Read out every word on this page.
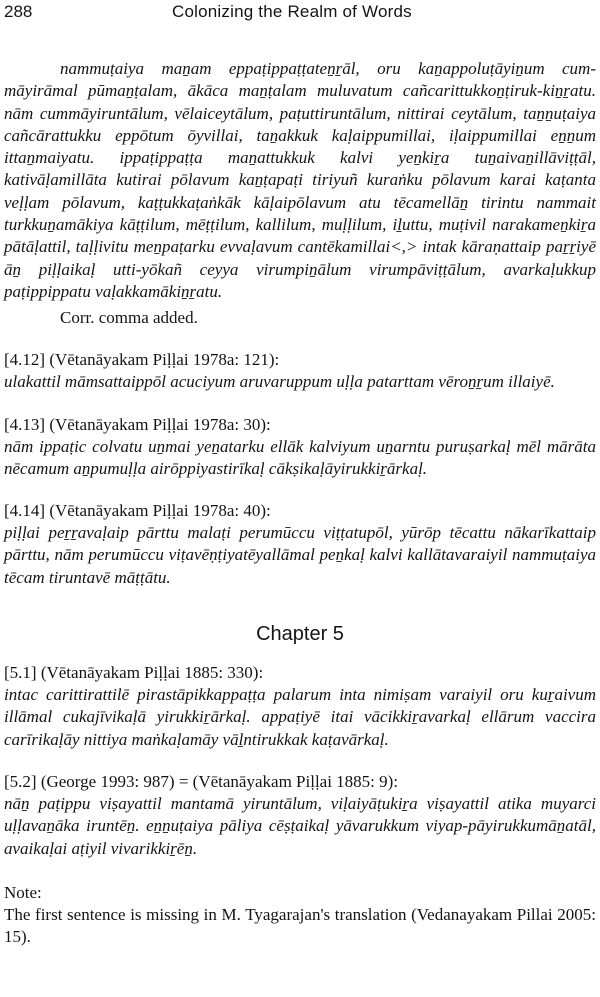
288	Colonizing the Realm of Words

nammuṭaiya maṉam eppaṭippaṭṭateṉṟāl, oru kaṉappoluṭāyiṉum cum-māyirāmal pūmaṉṭalam, ākāca maṉṭalam muluvatum cañcarittukkoṉṭiruk-kiṉṟatu. nām cummāyiruntālum, vēlaiceytālum, paṭuttiruntālum, nittirai ceytālum, taṉṉuṭaiya cañcārattukku eppōtum ōyvillai, taṉakkuk kaḷaippumillai, iḷaippumillai eṉṉum ittaṉmaiyatu. ippaṭippaṭṭa maṉattukkuk kalvi yeṉkiṟa tuṉaivaṉillāviṭṭāl, kativāḷamillāta kutirai pōlavum kaṉṭapaṭi tiriyuñ kuraṅku pōlavum karai kaṭanta veḷḷam pōlavum, kaṭṭukkaṭaṅkāk kāḷaipōlavum atu tēcamellāṉ tirintu nammait turkkuṉamākiya kāṭṭilum, mēṭṭilum, kallilum, muḷḷilum, iḻuttu, muṭivil narakameṉkiṟa pātāḷattil, taḷḷivitu meṉpaṭarku evvaḷavum cantēkamillai<,> intak kāraṇattaip paṟṟiyē āṉ piḷḷaikaḷ utti-yōkañ ceyya virumpiṉālum virumpāviṭṭālum, avarkaḷukkup paṭippippatu vaḷakkamākiṉṟatu.

Corr. comma added.

[4.12] (Vētanāyakam Piḷḷai 1978a: 121):

ulakattil māmsattaippōl acuciyum aruvaruppum uḷḷa patarttam vēroṉṟum illaiyē.

[4.13] (Vētanāyakam Piḷḷai 1978a: 30):

nām ippaṭic colvatu uṉmai yeṉatarku ellāk kalviyum uṉarntu puruṣarkaḷ mēl mārāta nēcamum aṉpumuḷḷa airōppiyastirīkaḷ cākṣikaḷāyirukkiṟārkaḷ.

[4.14] (Vētanāyakam Piḷḷai 1978a: 40):

piḷḷai peṟṟavaḷaip pārttu malaṭi perumūccu viṭṭatupōl, yūrōp tēcattu nākarīkattaip pārttu, nām perumūccu viṭavēṇṭiyatēyallāmal peṉkaḷ kalvi kallātavaraiyil nammuṭaiya tēcam tiruntavē māṭṭātu.

Chapter 5

[5.1] (Vētanāyakam Piḷḷai 1885: 330):

intac carittirattilē pirastāpikkappaṭṭa palarum inta nimiṣam varaiyil oru kuṟaivum illāmal cukajīvikaḷā yirukkiṟārkaḷ. appaṭiyē itai vācikkiṟavarkaḷ ellārum vaccira carīrikaḷāy nittiya maṅkaḷamāy vāḻntirukkak kaṭavārkaḷ.

[5.2] (George 1993: 987) = (Vētanāyakam Piḷḷai 1885: 9):

nāṉ paṭippu viṣayattil mantamā yiruntālum, viḷaiyāṭukiṟa viṣayattil atika muyarci uḷḷavaṉāka iruntēṉ. eṉṉuṭaiya pāliya cēṣṭaikaḷ yāvarukkum viyap-pāyirukkumāṉatāl, avaikaḷai aṭiyil vivarikkiṟēṉ.

Note:

The first sentence is missing in M. Tyagarajan's translation (Vedanayakam Pillai 2005: 15).
